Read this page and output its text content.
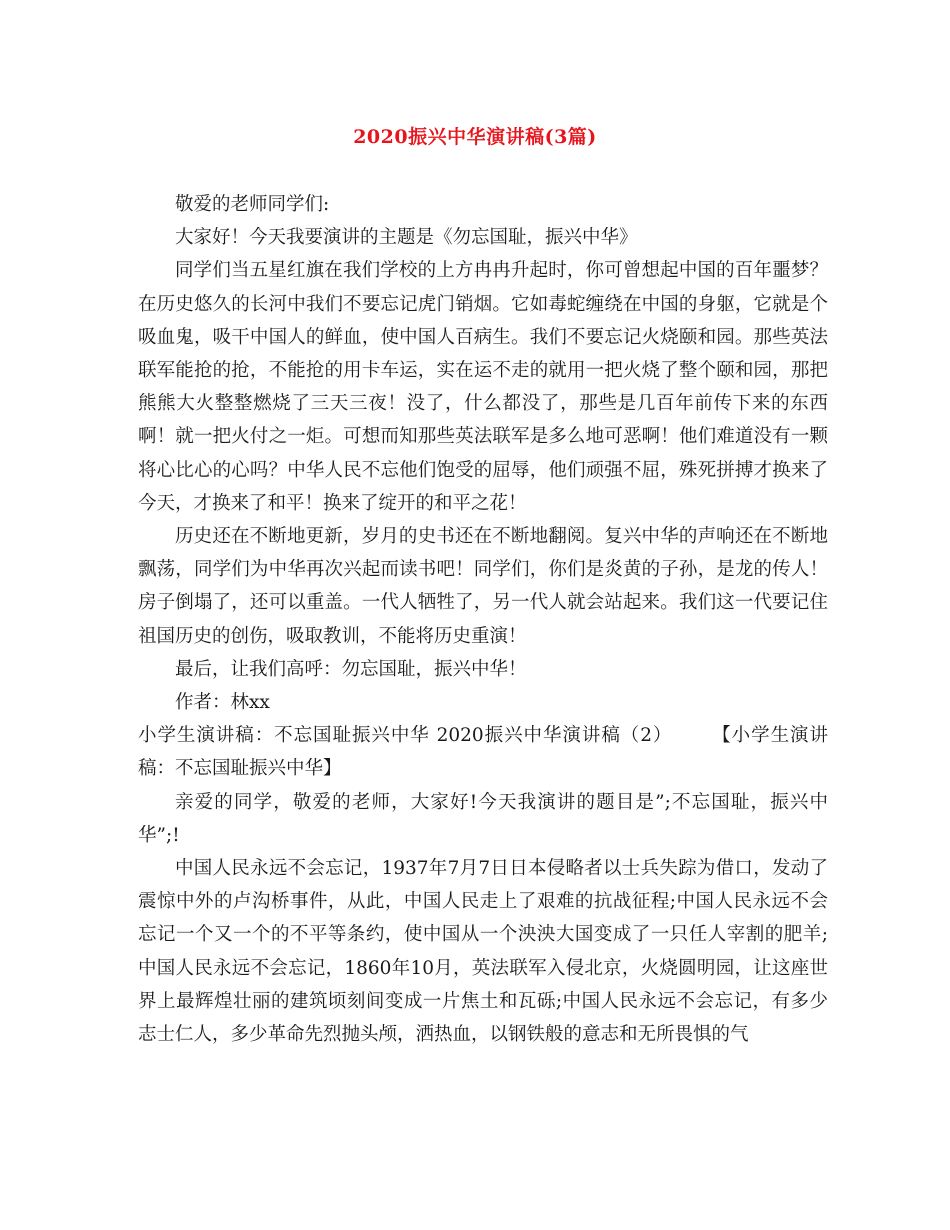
2020振兴中华演讲稿(3篇)

敬爱的老师同学们:

大家好！今天我要演讲的主题是《勿忘国耻，振兴中华》

同学们当五星红旗在我们学校的上方冉冉升起时，你可曾想起中国的百年噩梦？在历史悠久的长河中我们不要忘记虎门销烟。它如毒蛇缠绕在中国的身躯，它就是个吸血鬼，吸干中国人的鲜血，使中国人百病生。我们不要忘记火烧颐和园。那些英法联军能抢的抢，不能抢的用卡车运，实在运不走的就用一把火烧了整个颐和园，那把熊熊大火整整燃烧了三天三夜！没了，什么都没了，那些是几百年前传下来的东西啊！就一把火付之一炬。可想而知那些英法联军是多么地可恶啊！他们难道没有一颗将心比心的心吗？中华人民不忘他们饱受的屈辱，他们顽强不屈，殊死拼搏才换来了今天，才换来了和平！换来了绽开的和平之花！

历史还在不断地更新，岁月的史书还在不断地翻阅。复兴中华的声响还在不断地飘荡，同学们为中华再次兴起而读书吧！同学们，你们是炎黄的子孙，是龙的传人！房子倒塌了，还可以重盖。一代人牺牲了，另一代人就会站起来。我们这一代要记住祖国历史的创伤，吸取教训，不能将历史重演！

最后，让我们高呼：勿忘国耻，振兴中华！

作者：林xx

小学生演讲稿：不忘国耻振兴中华 2020振兴中华演讲稿（2）　　　【小学生演讲稿：不忘国耻振兴中华】

亲爱的同学，敬爱的老师，大家好!今天我演讲的题目是”;不忘国耻，振兴中华”;!

中国人民永远不会忘记，1937年7月7日日本侵略者以士兵失踪为借口，发动了震惊中外的卢沟桥事件，从此，中国人民走上了艰难的抗战征程;中国人民永远不会忘记一个又一个的不平等条约，使中国从一个泱泱大国变成了一只任人宰割的肥羊;中国人民永远不会忘记，1860年10月，英法联军入侵北京，火烧圆明园，让这座世界上最辉煌壮丽的建筑顷刻间变成一片焦土和瓦砾;中国人民永远不会忘记，有多少志士仁人，多少革命先烈抛头颅，洒热血，以钢铁般的意志和无所畏惧的气
